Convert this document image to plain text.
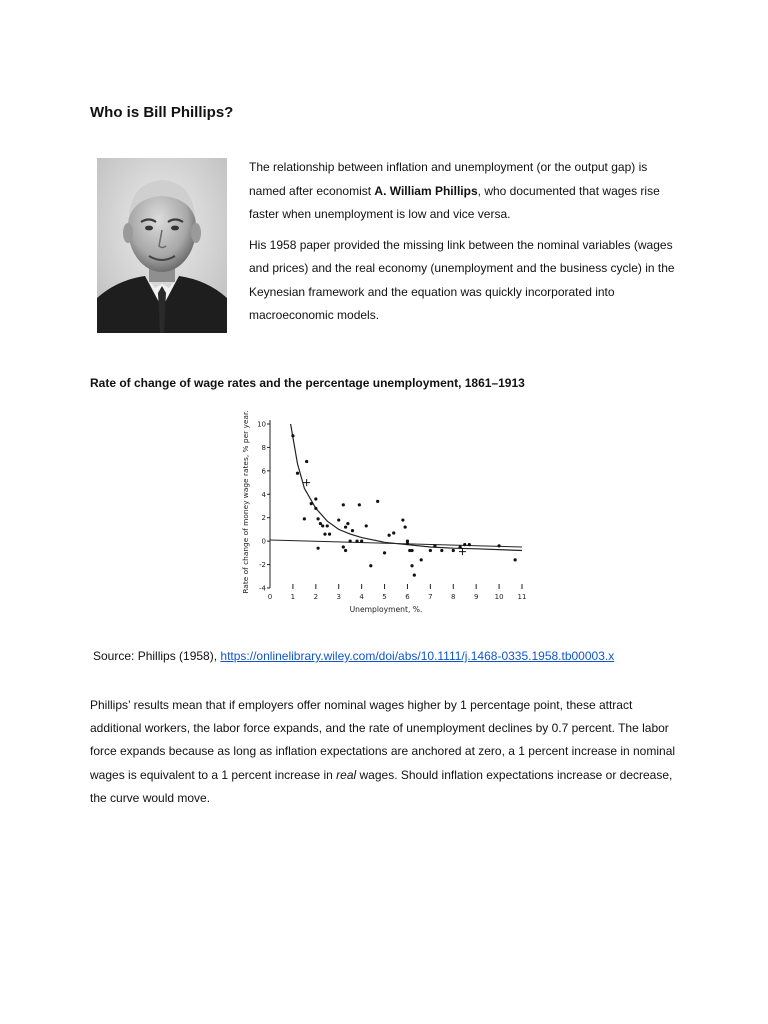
Who is Bill Phillips?

The relationship between inflation and unemployment (or the output gap) is named after economist A. William Phillips, who documented that wages rise faster when unemployment is low and vice versa.

His 1958 paper provided the missing link between the nominal variables (wages and prices) and the real economy (unemployment and the business cycle) in the Keynesian framework and the equation was quickly incorporated into macroeconomic models.

Rate of change of wage rates and the percentage unemployment, 1861–1913
-4
-2
0
2
4
6
8
10
0	1	2	3	4	5	6	7	8	9 10 11
Rate of change of money wage rates, % per year.
Unemployment, %.
Source: Phillips (1958), https://onlinelibrary.wiley.com/doi/abs/10.1111/j.1468-0335.1958.tb00003.x

Phillips’ results mean that if employers offer nominal wages higher by 1 percentage point, these attract additional workers, the labor force expands, and the rate of unemployment declines by 0.7 percent. The labor force expands because as long as inflation expectations are anchored at zero, a 1 percent increase in nominal wages is equivalent to a 1 percent increase in real wages. Should inflation expectations increase or decrease, the curve would move.
